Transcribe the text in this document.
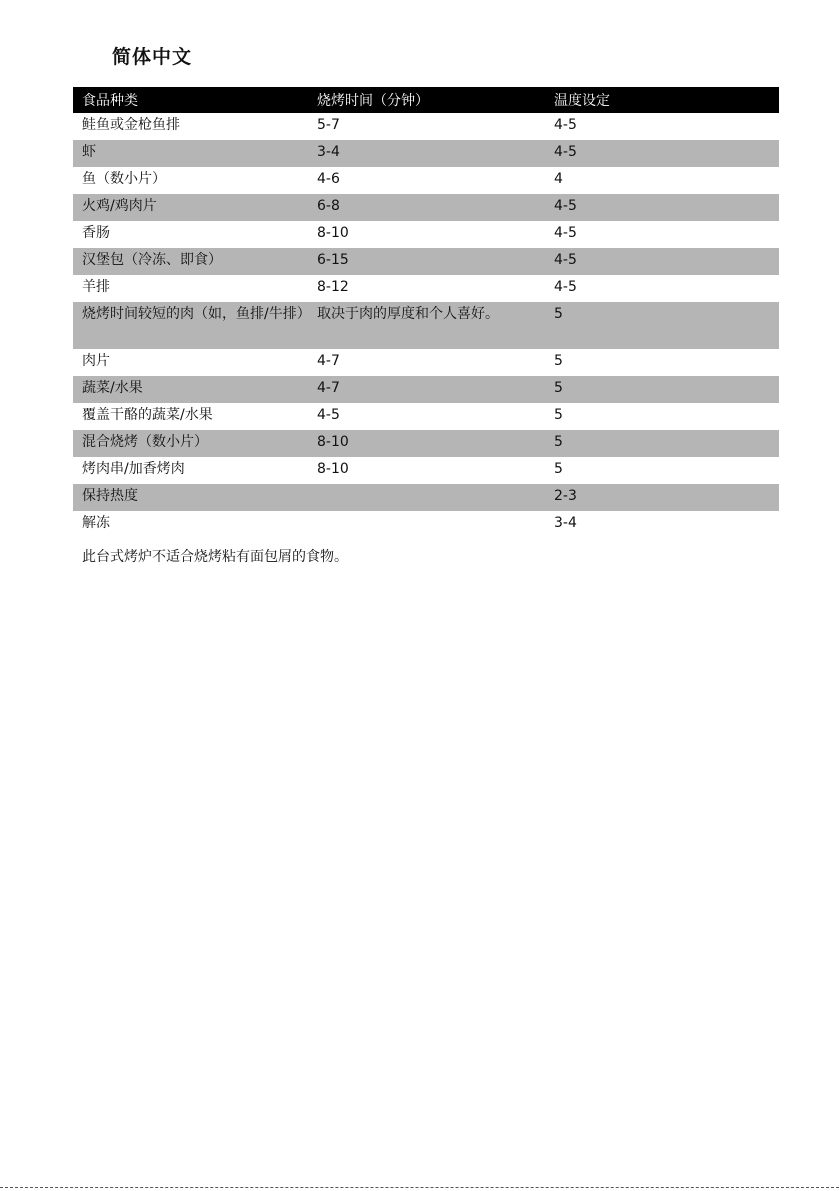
简体中文
食品种类	烧烤时间（分钟）	温度设定
鲑鱼或金枪鱼排	5-7	4-5
虾	3-4	4-5
鱼（数小片）	4-6	4
火鸡/鸡肉片	6-8	4-5
香肠	8-10	4-5
汉堡包（冷冻、即食）	6-15	4-5
羊排	8-12	4-5
烧烤时间较短的肉（如，鱼排/牛排）	取决于肉的厚度和个人喜好。	5
肉片	4-7	5
蔬菜/水果	4-7	5
覆盖干酪的蔬菜/水果	4-5	5
混合烧烤（数小片）	8-10	5
烤肉串/加香烤肉	8-10	5
保持热度		2-3
解冻		3-4
此台式烤炉不适合烧烤粘有面包屑的食物。
